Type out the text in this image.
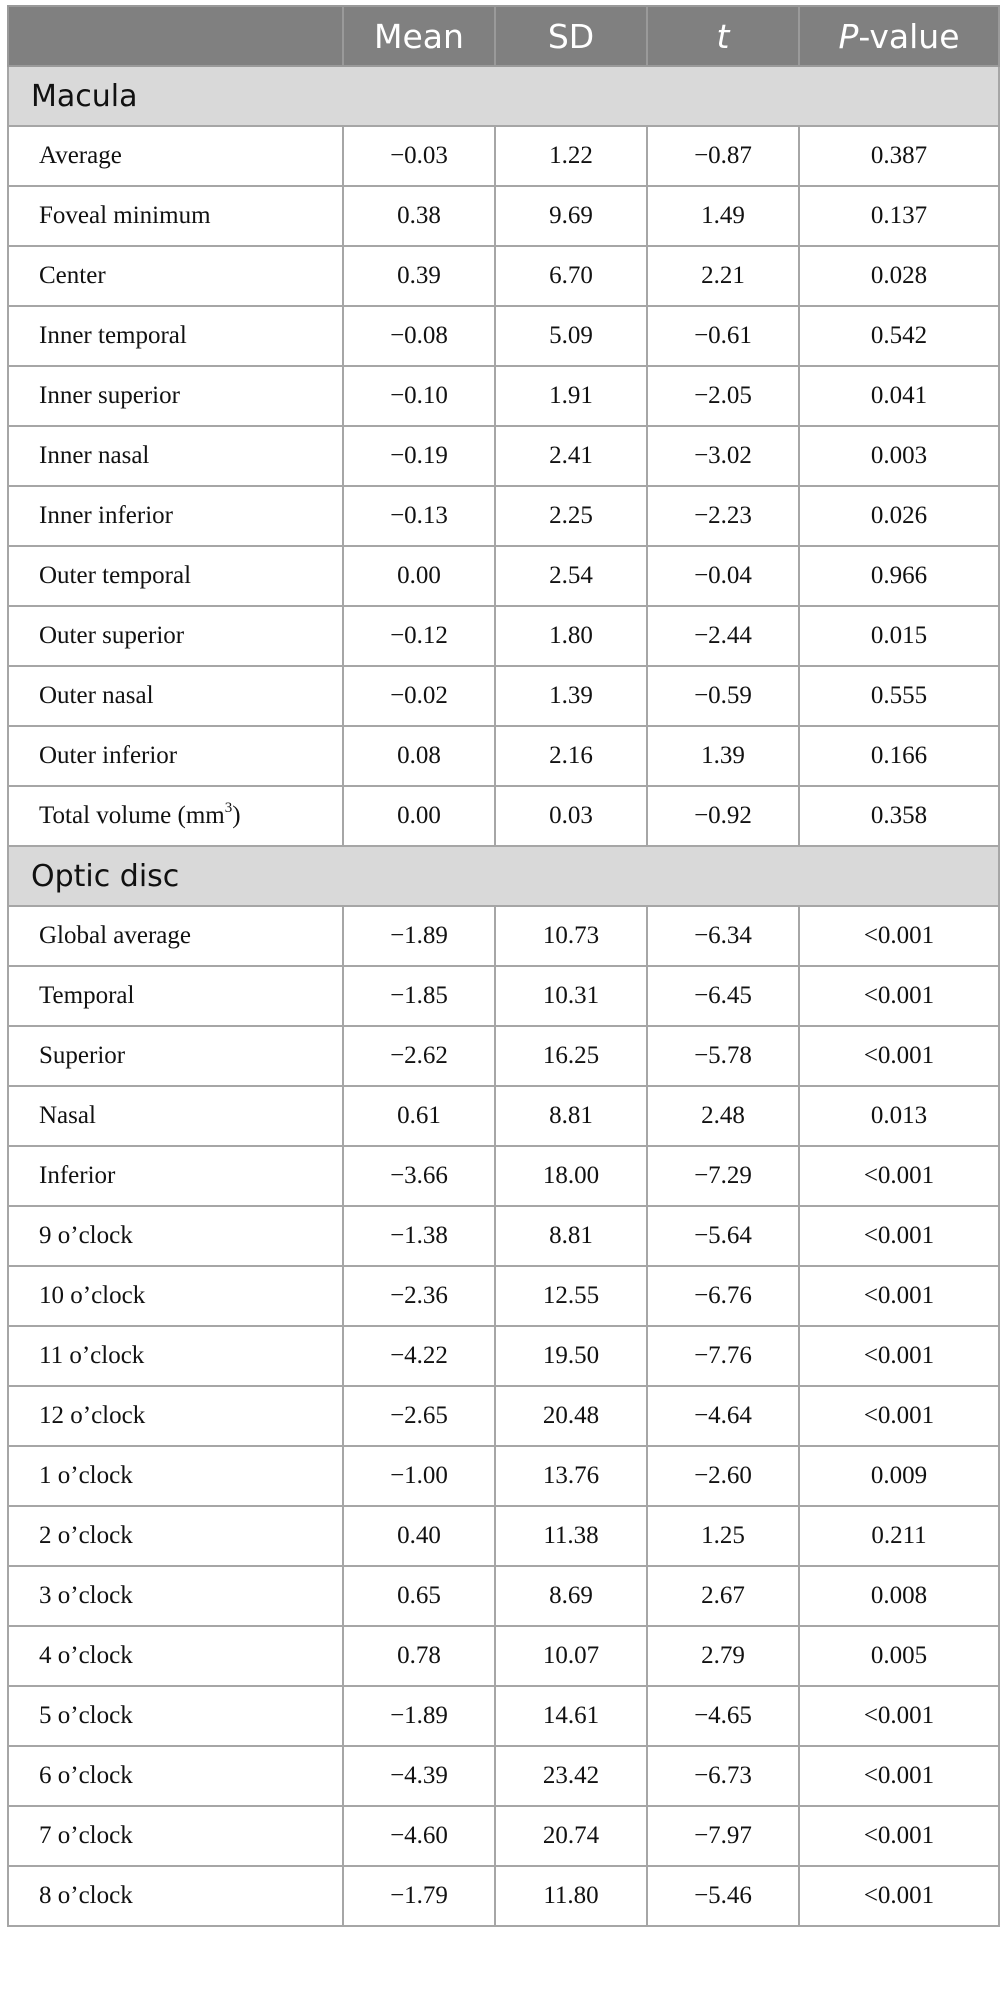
	Mean	SD	t	P-value
Macula				
Average	−0.03	1.22	−0.87	0.387
Foveal minimum	0.38	9.69	1.49	0.137
Center	0.39	6.70	2.21	0.028
Inner temporal	−0.08	5.09	−0.61	0.542
Inner superior	−0.10	1.91	−2.05	0.041
Inner nasal	−0.19	2.41	−3.02	0.003
Inner inferior	−0.13	2.25	−2.23	0.026
Outer temporal	0.00	2.54	−0.04	0.966
Outer superior	−0.12	1.80	−2.44	0.015
Outer nasal	−0.02	1.39	−0.59	0.555
Outer inferior	0.08	2.16	1.39	0.166
Total volume $(mm^3)$	0.00	0.03	−0.92	0.358
Optic disc				
Global average	−1.89	10.73	−6.34	<0.001
Temporal	−1.85	10.31	−6.45	<0.001
Superior	−2.62	16.25	−5.78	<0.001
Nasal	0.61	8.81	2.48	0.013
Inferior	−3.66	18.00	−7.29	<0.001
9 o’clock	−1.38	8.81	−5.64	<0.001
10 o’clock	−2.36	12.55	−6.76	<0.001
11 o’clock	−4.22	19.50	−7.76	<0.001
12 o’clock	−2.65	20.48	−4.64	<0.001
1 o’clock	−1.00	13.76	−2.60	0.009
2 o’clock	0.40	11.38	1.25	0.211
3 o’clock	0.65	8.69	2.67	0.008
4 o’clock	0.78	10.07	2.79	0.005
5 o’clock	−1.89	14.61	−4.65	<0.001
6 o’clock	−4.39	23.42	−6.73	<0.001
7 o’clock	−4.60	20.74	−7.97	<0.001
8 o’clock	−1.79	11.80	−5.46	<0.001
